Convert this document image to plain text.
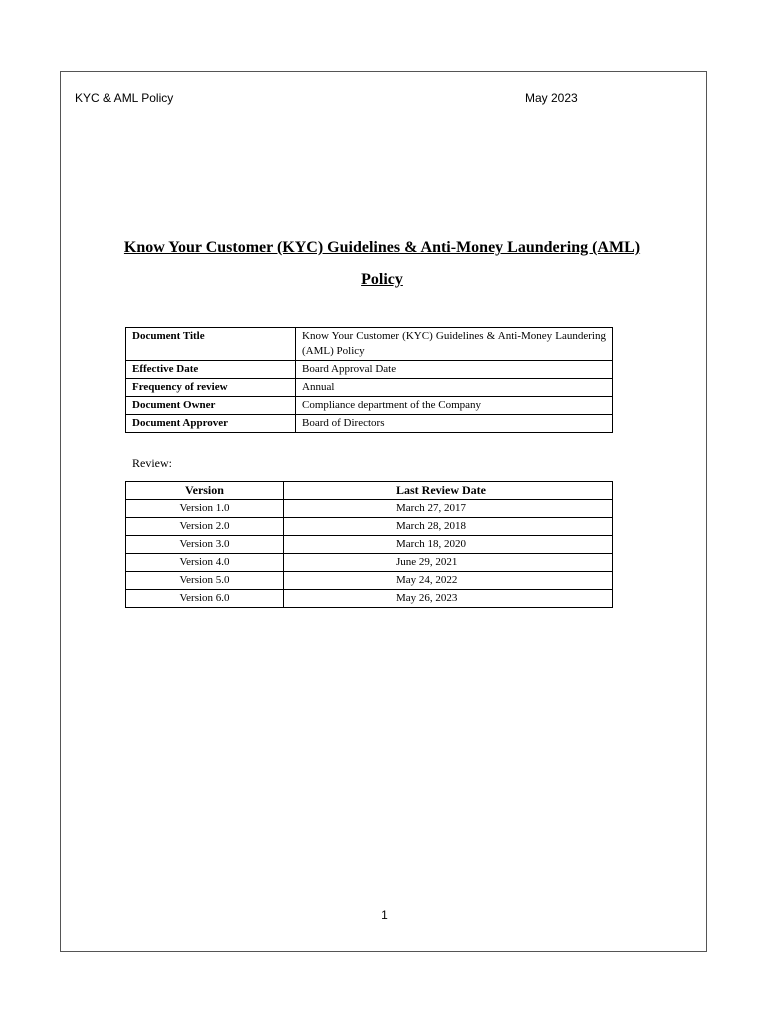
KYC & AML Policy	May 2023
Know Your Customer (KYC) Guidelines & Anti-Money Laundering (AML)
Policy
Document Title	Know Your Customer (KYC) Guidelines & Anti-Money Laundering (AML) Policy
Effective Date	Board Approval Date
Frequency of review	Annual
Document Owner	Compliance department of the Company
Document Approver	Board of Directors
Review:
Version	Last Review Date
Version 1.0	March 27, 2017
Version 2.0	March 28, 2018
Version 3.0	March 18, 2020
Version 4.0	June 29, 2021
Version 5.0	May 24, 2022
Version 6.0	May 26, 2023
1
